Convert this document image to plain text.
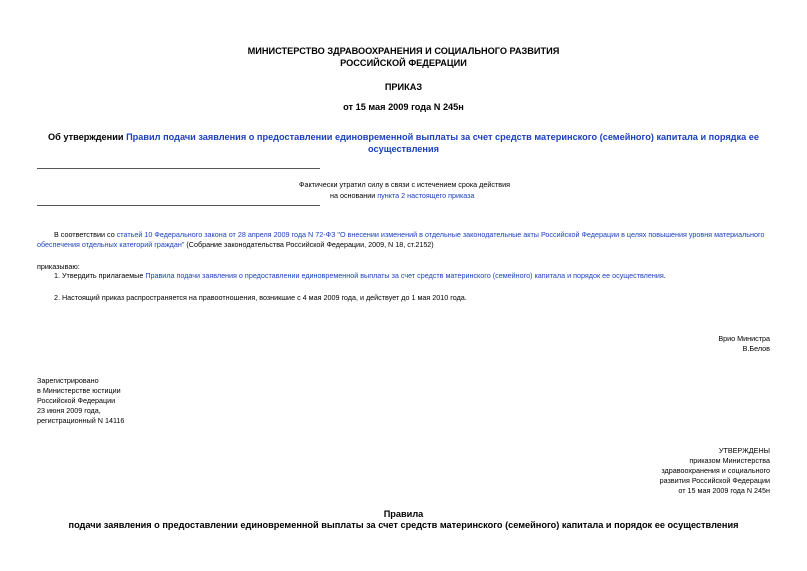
МИНИСТЕРСТВО ЗДРАВООХРАНЕНИЯ И СОЦИАЛЬНОГО РАЗВИТИЯ
РОССИЙСКОЙ ФЕДЕРАЦИИ
ПРИКАЗ
от 15 мая 2009 года N 245н
Об утверждении Правил подачи заявления о предоставлении единовременной выплаты за счет средств материнского (семейного) капитала и порядка ее
осуществления
Фактически утратил силу в связи с истечением срока действия
на основании пункта 2 настоящего приказа
В соответствии со статьей 10 Федерального закона от 28 апреля 2009 года N 72-ФЗ "О внесении изменений в отдельные законодательные акты Российской Федерации в целях повышения уровня материального
обеспечения отдельных категорий граждан" (Собрание законодательства Российской Федерации, 2009, N 18, ст.2152)
приказываю:
1. Утвердить прилагаемые Правила подачи заявления о предоставлении единовременной выплаты за счет средств материнского (семейного) капитала и порядок ее осуществления.
2. Настоящий приказ распространяется на правоотношения, возникшие с 4 мая 2009 года, и действует до 1 мая 2010 года.
Врио Министра
В.Белов
Зарегистрировано
в Министерстве юстиции
Российской Федерации
23 июня 2009 года,
регистрационный N 14116
УТВЕРЖДЕНЫ
приказом Министерства
здравоохранения и социального
развития Российской Федерации
от 15 мая 2009 года N 245н
Правила
подачи заявления о предоставлении единовременной выплаты за счет средств материнского (семейного) капитала и порядок ее осуществления
